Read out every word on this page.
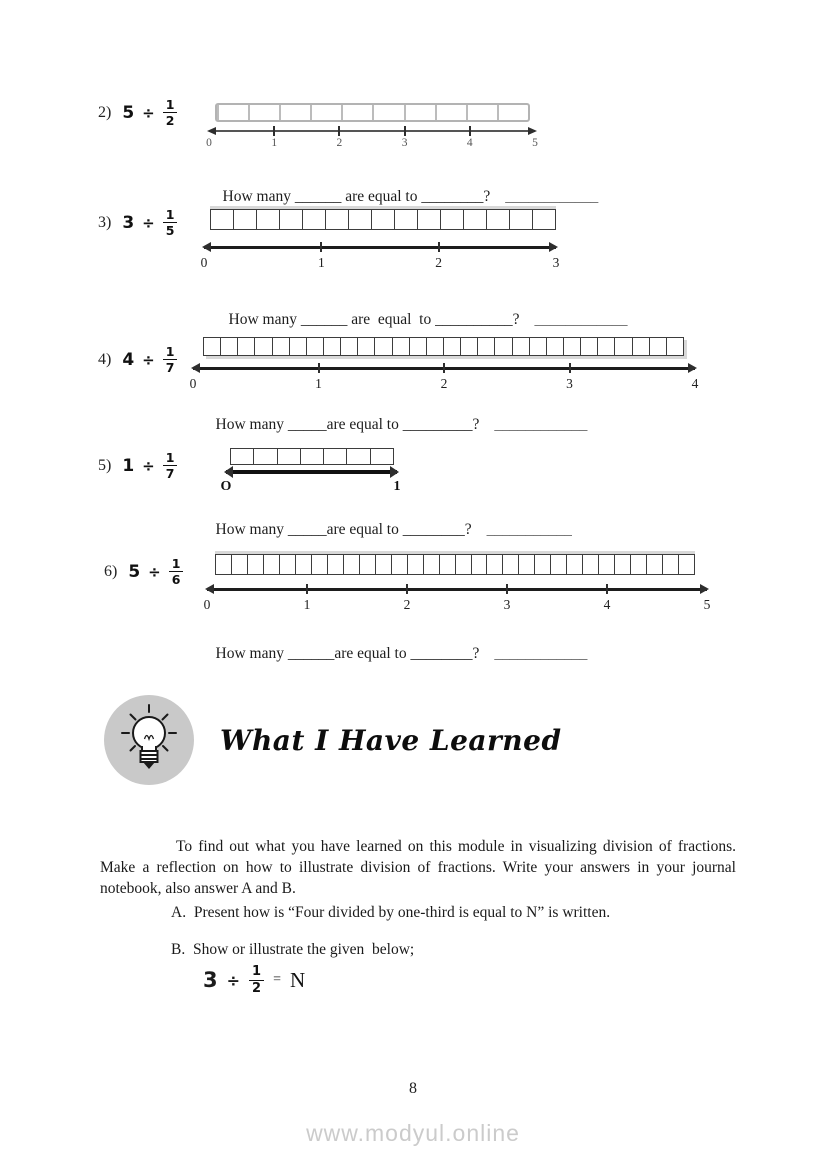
2) $5 \div \frac{1}{2}$
0	1	2	3	4	5

How many ______ are equal to ________? ____________

3) $3 \div \frac{1}{5}$
0	1	2	3

How many ______ are  equal  to __________? ____________

4) $4 \div \frac{1}{7}$
0	1	2	3	4

How many _____are equal to _________? ____________

5) $1 \div \frac{1}{7}$
O	1

How many _____are equal to ________? ___________

6) $5 \div \frac{1}{6}$
0	1	2	3	4	5

How many ______are equal to ________? ____________

What I Have Learned

To find out what you have learned on this module in visualizing division of fractions. Make a reflection on how to illustrate division of fractions. Write your answers in your journal notebook, also answer A and B.

A.  Present how is “Four divided by one-third is equal to N” is written.
B.  Show or illustrate the given  below;
$3 \div \frac{1}{2} = N$
8
www.modyul.online
